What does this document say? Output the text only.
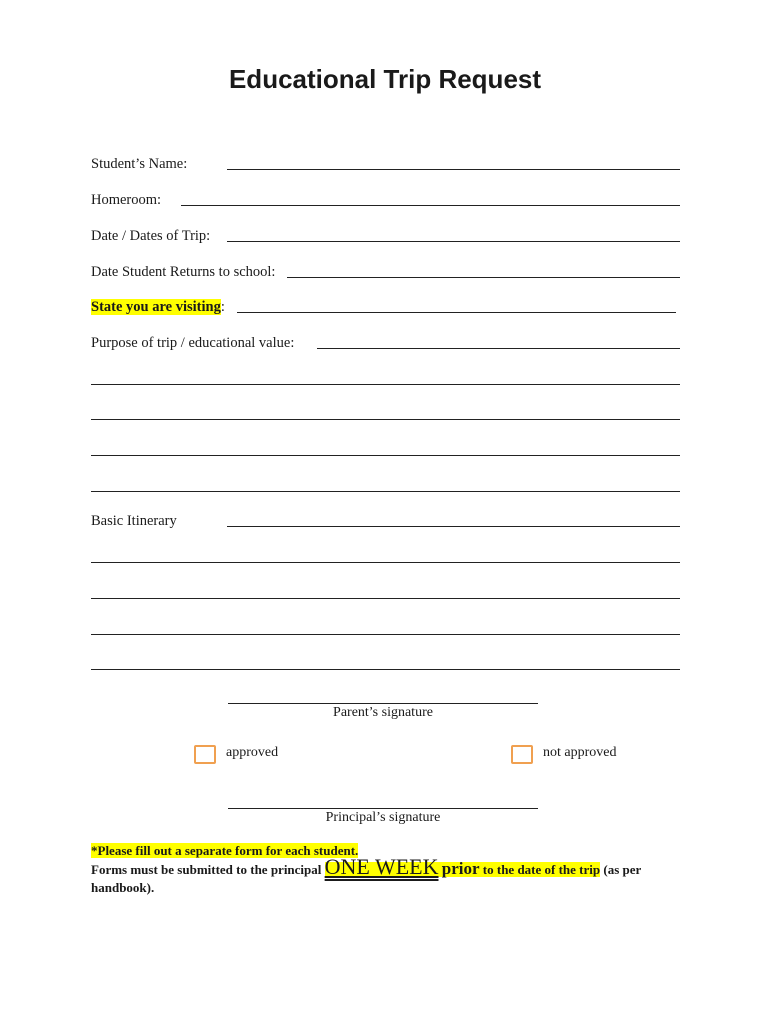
Educational Trip Request
Student’s Name:
Homeroom:
Date / Dates of Trip:
Date Student Returns to school:
State you are visiting:
Purpose of trip / educational value:
Basic Itinerary
Parent’s signature
approved	not approved
Principal’s signature
*Please fill out a separate form for each student.
Forms must be submitted to the principal ONE WEEK prior to the date of the trip (as per handbook).
